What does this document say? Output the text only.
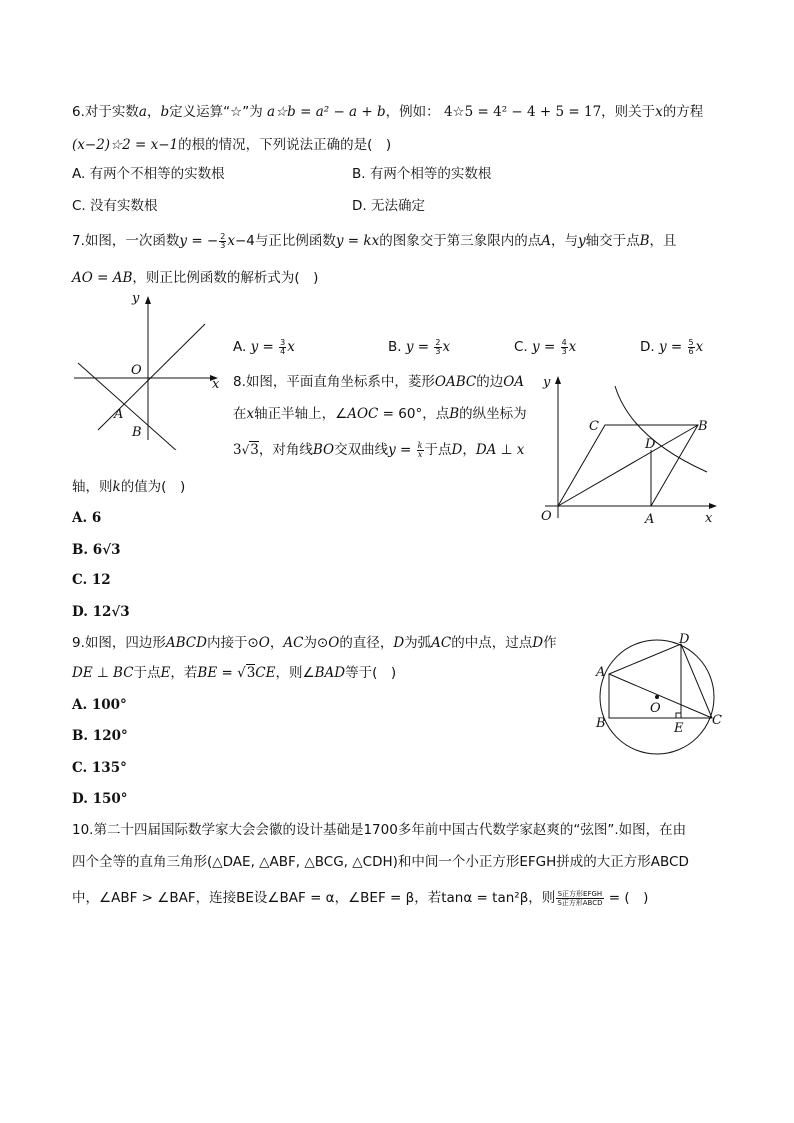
6.对于实数a，b定义运算“☆”为 a☆b = a² − a + b，例如： 4☆5 = 4² − 4 + 5 = 17，则关于x的方程
(x−2)☆2 = x−1的根的情况，下列说法正确的是(　)
A. 有两个不相等的实数根	B. 有两个相等的实数根
C. 没有实数根	D. 无法确定
7.如图，一次函数y = − $\frac{2}{3} x-4$与正比例函数y = kx的图象交于第三象限内的点A，与y轴交于点B，且
AO = AB，则正比例函数的解析式为(　)
y
x
O
A
B
A. $y = \frac{3}{4}$ x	B. $y = \frac{2}{3}$ x	C. $y = \frac{4}{3}$ x	D. $y = \frac{5}{6}$ x
8.如图，平面直角坐标系中，菱形OABC的边OA
在x轴正半轴上，∠AOC = 60°，点B的纵坐标为
3√3，对角线BO交双曲线$y = \frac{k}{x}$ 于点D，DA ⊥ x
轴，则k的值为(　)
A. 6
B. 6√3
C. 12
D. 12√3
y
x
O	A
B
C
D
9.如图，四边形ABCD内接于⊙O，AC为⊙O的直径，D为弧AC的中点，过点D作
DE ⊥ BC于点E，若BE = √3CE，则∠BAD等于(　)
A. 100°
B. 120°
C. 135°
D. 150°
A
B	C
D
E
O
10.第二十四届国际数学家大会会徽的设计基础是1700多年前中国古代数学家赵爽的“弦图”.如图，在由
四个全等的直角三角形(△DAE, △ABF, △BCG, △CDH)和中间一个小正方形EFGH拼成的大正方形ABCD
中，∠ABF > ∠BAF，连接BE设∠BAF = α，∠BEF = β，若tanα = tan²β，则 $\frac{\text{S正方形EFGH}}{\text{S正方形ABCD}}$ = (　)
